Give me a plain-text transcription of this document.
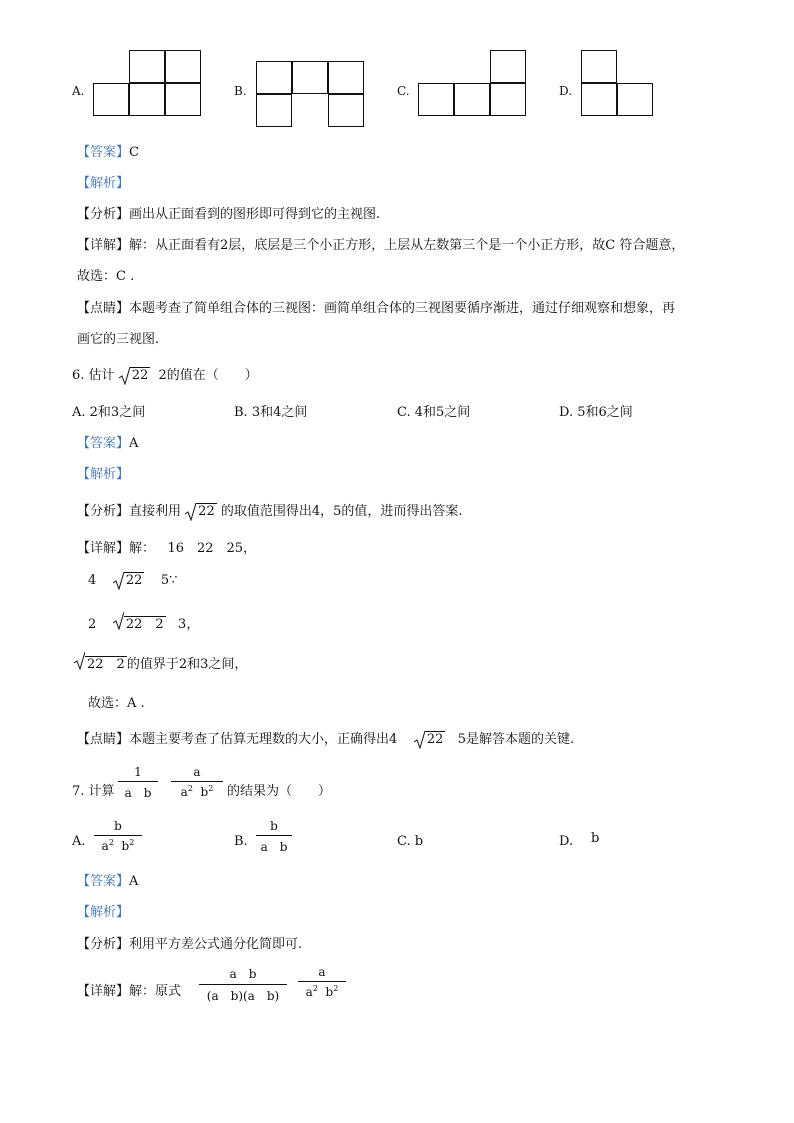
A.	B.	C.	D.
【答案】C
【解析】
【分析】画出从正面看到的图形即可得到它的主视图.
【详解】解：从正面看有2层，底层是三个小正方形，上层从左数第三个是一个小正方形，故C 符合题意，
故选：C .
【点睛】本题考查了简单组合体的三视图：画简单组合体的三视图要循序渐进，通过仔细观察和想象，再
画它的三视图.
6. 估计 22 2的值在（　　）
A. 2和3之间	B. 3和4之间	C. 4和5之间	D. 5和6之间
【答案】A
【解析】
【分析】直接利用 22 的取值范围得出4，5的值，进而得出答案.
【详解】解： 16　22　25，
4 22 5∵
2 22　2 3，
22　2 的值界于2和3之间，
故选：A .
【点睛】本题主要考查了估算无理数的大小，正确得出4 22 5是解答本题的关键.
7. 计算
1
a　b
a
$a^2$ $b^2$	的结果为（　　）
A.
b
$a^2$ $b^2$	B.
b
a　b	C. b	D. b
【答案】A
【解析】
【分析】利用平方差公式通分化简即可.
【详解】解：原式
a　b
(a　b)(a　b)
a
$a^2$ $b^2$
